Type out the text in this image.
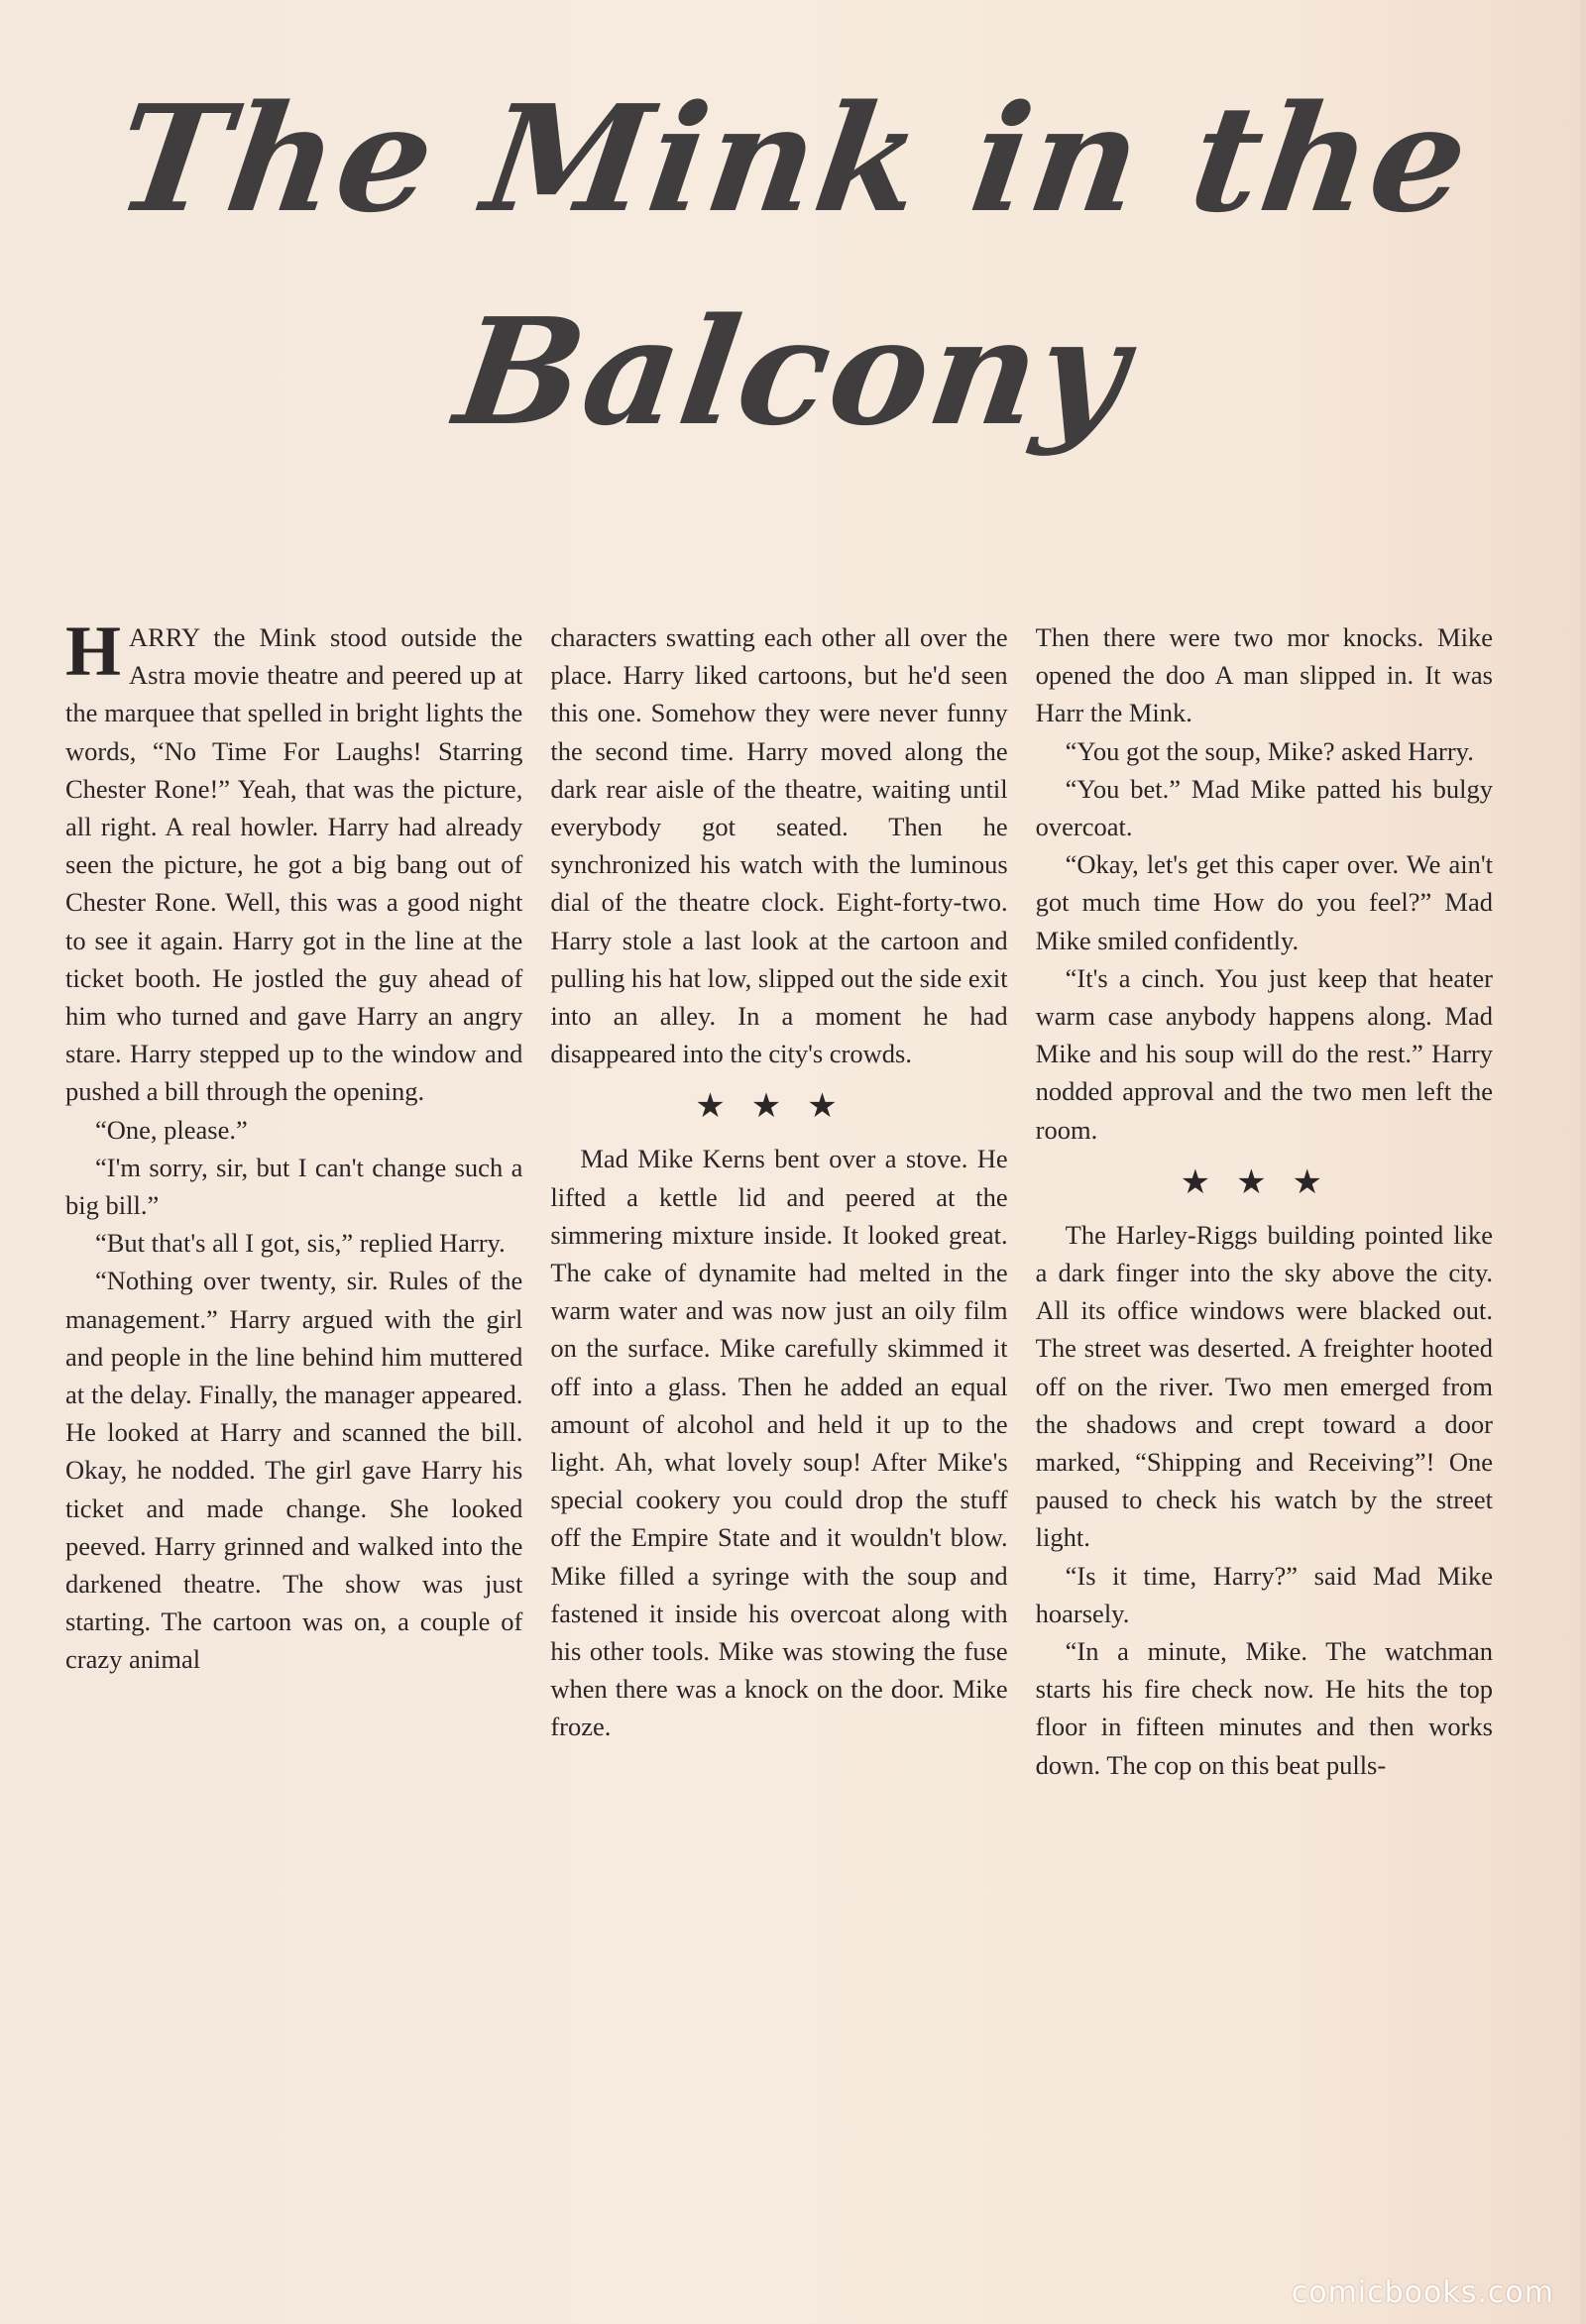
The Mink in the
Balcony

HARRY the Mink stood outside the Astra movie theatre and peered up at the marquee that spelled in bright lights the words, “No Time For Laughs! Starring Chester Rone!” Yeah, that was the picture, all right. A real howler. Harry had already seen the picture, he got a big bang out of Chester Rone. Well, this was a good night to see it again. Harry got in the line at the ticket booth. He jostled the guy ahead of him who turned and gave Harry an angry stare. Harry stepped up to the window and pushed a bill through the opening.

“One, please.”

“I'm sorry, sir, but I can't change such a big bill.”

“But that's all I got, sis,” replied Harry.

“Nothing over twenty, sir. Rules of the management.” Harry argued with the girl and people in the line behind him muttered at the delay. Finally, the manager appeared. He looked at Harry and scanned the bill. Okay, he nodded. The girl gave Harry his ticket and made change. She looked peeved. Harry grinned and walked into the darkened theatre. The show was just starting. The cartoon was on, a couple of crazy animal

characters swatting each other all over the place. Harry liked cartoons, but he'd seen this one. Somehow they were never funny the second time. Harry moved along the dark rear aisle of the theatre, waiting until everybody got seated. Then he synchronized his watch with the luminous dial of the theatre clock. Eight-forty-two. Harry stole a last look at the cartoon and pulling his hat low, slipped out the side exit into an alley. In a moment he had disappeared into the city's crowds.

★★★

Mad Mike Kerns bent over a stove. He lifted a kettle lid and peered at the simmering mixture inside. It looked great. The cake of dynamite had melted in the warm water and was now just an oily film on the surface. Mike carefully skimmed it off into a glass. Then he added an equal amount of alcohol and held it up to the light. Ah, what lovely soup! After Mike's special cookery you could drop the stuff off the Empire State and it wouldn't blow. Mike filled a syringe with the soup and fastened it inside his overcoat along with his other tools. Mike was stowing the fuse when there was a knock on the door. Mike froze.

Then there were two mor knocks. Mike opened the doo A man slipped in. It was Harr the Mink.

“You got the soup, Mike? asked Harry.

“You bet.” Mad Mike patted his bulgy overcoat.

“Okay, let's get this caper over. We ain't got much time How do you feel?” Mad Mike smiled confidently.

“It's a cinch. You just keep that heater warm case anybody happens along. Mad Mike and his soup will do the rest.” Harry nodded approval and the two men left the room.

★★★

The Harley-Riggs building pointed like a dark finger into the sky above the city. All its office windows were blacked out. The street was deserted. A freighter hooted off on the river. Two men emerged from the shadows and crept toward a door marked, “Shipping and Receiving”! One paused to check his watch by the street light.

“Is it time, Harry?” said Mad Mike hoarsely.

“In a minute, Mike. The watchman starts his fire check now. He hits the top floor in fifteen minutes and then works down. The cop on this beat pulls-

comicbooks.com
